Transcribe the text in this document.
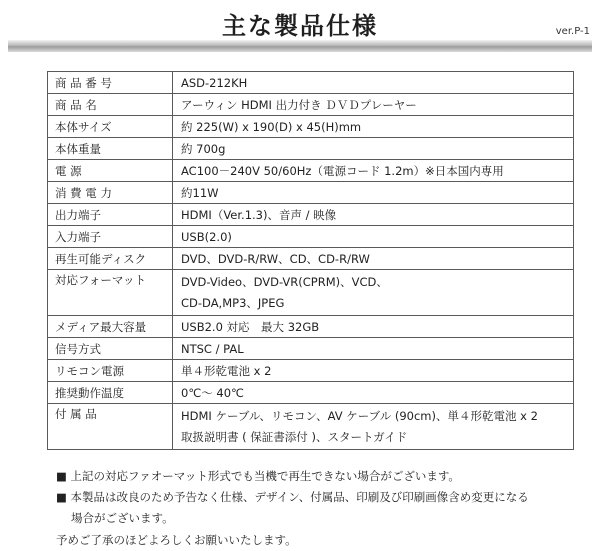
主な製品仕様	ver.P-1
商 品 番 号	ASD-212KH
商 品 名	アーウィン HDMI 出力付き ＤＶＤプレーヤー
本体サイズ	約 225(W) x 190(D) x 45(H)mm
本体重量	約 700g
電 源	AC100－240V 50/60Hz（電源コード 1.2m）※日本国内専用
消 費 電 力	約11W
出力端子	HDMI（Ver.1.3)、音声 / 映像
入力端子	USB(2.0)
再生可能ディスク	DVD、DVD-R/RW、CD、CD-R/RW
対応フォーマット	DVD-Video、DVD-VR(CPRM)、VCD、
CD-DA,MP3、JPEG

メディア最大容量	USB2.0 対応　最大 32GB
信号方式	NTSC / PAL
リモコン電源	単４形乾電池 x 2
推奨動作温度	0℃～ 40℃
付 属 品	HDMI ケーブル、リモコン、AV ケーブル (90cm)、単４形乾電池 x 2
取扱説明書 ( 保証書添付 )、スタートガイド
■ 上記の対応ファオーマット形式でも当機で再生できない場合がございます。
■ 本製品は改良のため予告なく仕様、デザイン、付属品、印刷及び印刷画像含め変更になる
場合がございます。
予めご了承のほどよろしくお願いいたします。
